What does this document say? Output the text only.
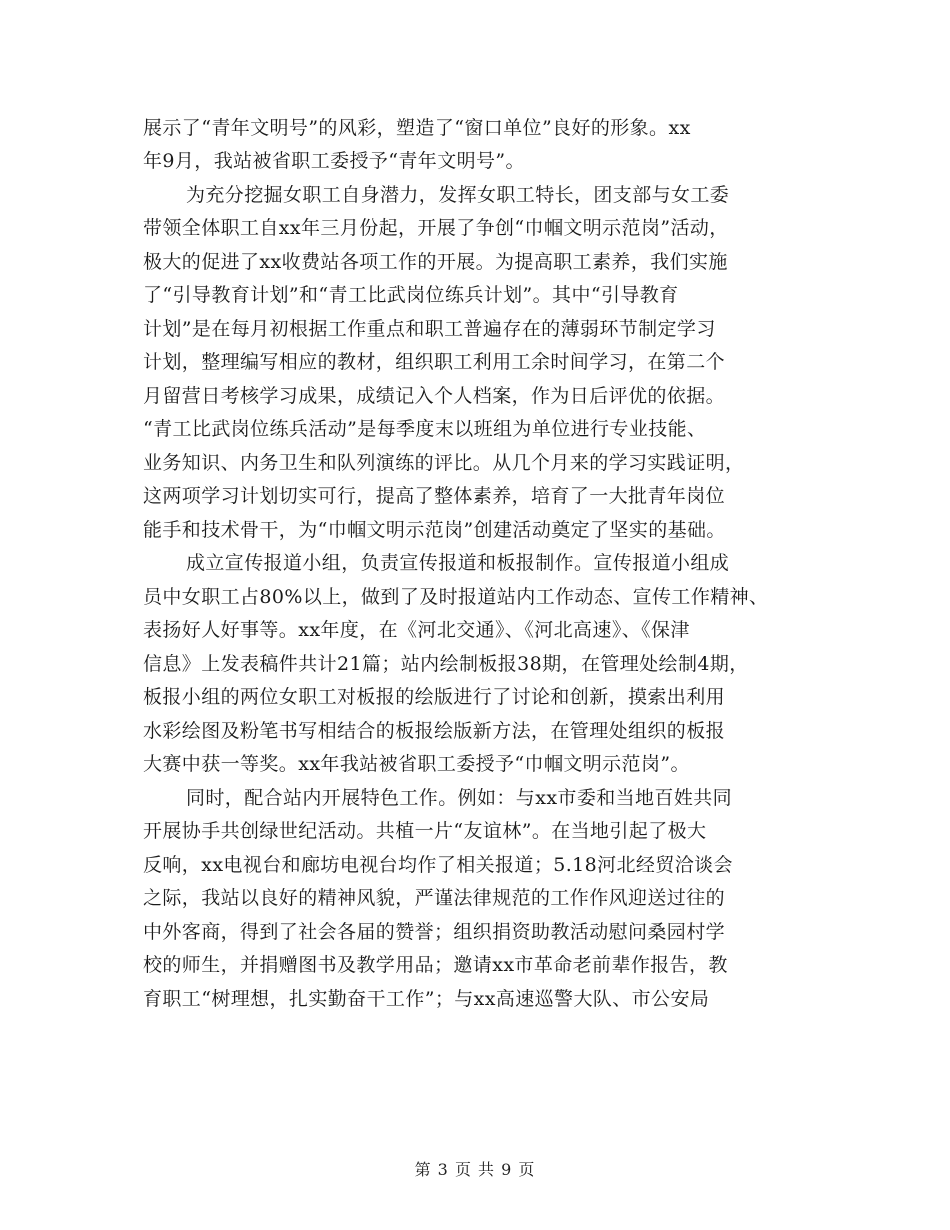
展示了“青年文明号”的风彩，塑造了“窗口单位”良好的形象。xx
年9月，我站被省职工委授予“青年文明号”。
为充分挖掘女职工自身潜力，发挥女职工特长，团支部与女工委
带领全体职工自xx年三月份起，开展了争创“巾帼文明示范岗”活动，
极大的促进了xx收费站各项工作的开展。为提高职工素养，我们实施
了“引导教育计划”和“青工比武岗位练兵计划”。其中“引导教育
计划”是在每月初根据工作重点和职工普遍存在的薄弱环节制定学习
计划，整理编写相应的教材，组织职工利用工余时间学习，在第二个
月留营日考核学习成果，成绩记入个人档案，作为日后评优的依据。
“青工比武岗位练兵活动”是每季度末以班组为单位进行专业技能、
业务知识、内务卫生和队列演练的评比。从几个月来的学习实践证明，
这两项学习计划切实可行，提高了整体素养，培育了一大批青年岗位
能手和技术骨干，为“巾帼文明示范岗”创建活动奠定了坚实的基础。
成立宣传报道小组，负责宣传报道和板报制作。宣传报道小组成
员中女职工占80%以上，做到了及时报道站内工作动态、宣传工作精神、
表扬好人好事等。xx年度，在《河北交通》、《河北高速》、《保津
信息》上发表稿件共计21篇；站内绘制板报38期，在管理处绘制4期，
板报小组的两位女职工对板报的绘版进行了讨论和创新，摸索出利用
水彩绘图及粉笔书写相结合的板报绘版新方法，在管理处组织的板报
大赛中获一等奖。xx年我站被省职工委授予“巾帼文明示范岗”。
同时，配合站内开展特色工作。例如：与xx市委和当地百姓共同
开展协手共创绿世纪活动。共植一片“友谊林”。在当地引起了极大
反响，xx电视台和廊坊电视台均作了相关报道；5.18河北经贸洽谈会
之际，我站以良好的精神风貌，严谨法律规范的工作作风迎送过往的
中外客商，得到了社会各届的赞誉；组织捐资助教活动慰问桑园村学
校的师生，并捐赠图书及教学用品；邀请xx市革命老前辈作报告，教
育职工“树理想，扎实勤奋干工作”；与xx高速巡警大队、市公安局
第 3 页 共 9 页
